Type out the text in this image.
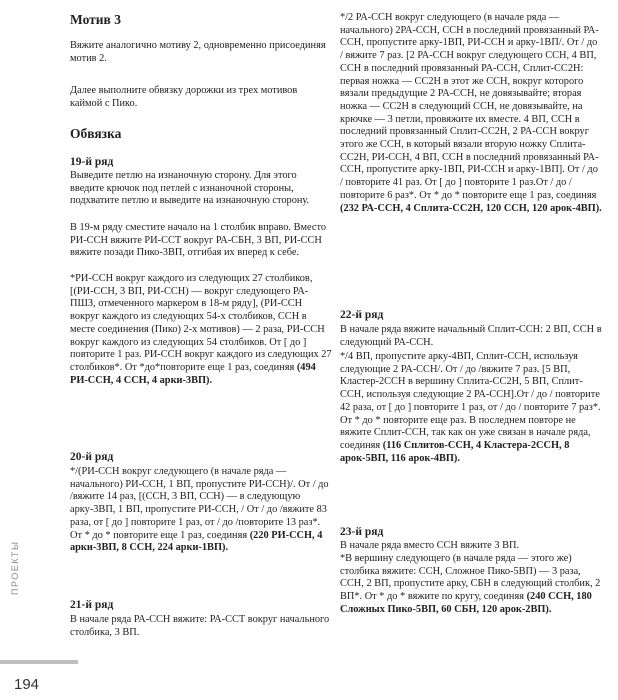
Мотив 3

Вяжите аналогично мотиву 2, одновременно присоединяя мотив 2.

Далее выполните обвязку дорожки из трех мотивов каймой с Пико.

Обвязка
19-й ряд

Выведите петлю на изнаночную сторону. Для этого введите крючок под петлей с изнаночной стороны, подхватите петлю и выведите на изнаночную сторону.

В 19-м ряду сместите начало на 1 столбик вправо. Вместо РИ-ССН вяжите РИ-ССТ вокруг РА-СБН, 3 ВП, РИ-ССН вяжите позади Пико-3ВП, отгибая их вперед к себе.

*РИ-ССН вокруг каждого из следующих 27 столбиков, [(РИ-ССН, 3 ВП, РИ-ССН) — вокруг следующего РА-ПШЗ, отмеченного маркером в 18-м ряду], (РИ-ССН вокруг каждого из следующих 54-х столбиков, ССН в месте соединения (Пико) 2-х мотивов) — 2 раза, РИ-ССН вокруг каждого из следующих 54 столбиков. От [ до ] повторите 1 раз. РИ-ССН вокруг каждого из следующих 27 столбиков*. От *до*повторите еще 1 раз, соединяя (494 РИ-ССН, 4 ССН, 4 арки-3ВП).

20-й ряд

*/(РИ-ССН вокруг следующего (в начале ряда — начального) РИ-ССН, 1 ВП, пропустите РИ-ССН)/. От / до /вяжите 14 раз, [(ССН, 3 ВП, ССН) — в следующую арку-3ВП, 1 ВП, пропустите РИ-ССН, / От / до /вяжите 83 раза, от [ до ] повторите 1 раз, от / до /повторите 13 раз*. От * до * повторите еще 1 раз, соединяя (220 РИ-ССН, 4 арки-3ВП, 8 ССН, 224 арки-1ВП).

21-й ряд

В начале ряда РА-ССН вяжите: РА-ССТ вокруг начального столбика, 3 ВП.

*/2 РА-ССН вокруг следующего (в начале ряда — начального) 2РА-ССН, ССН в последний провязанный РА-ССН, пропустите арку-1ВП, РИ-ССН и арку-1ВП/. От / до / вяжите 7 раз. [2 РА-ССН вокруг следующего ССН, 4 ВП, ССН в последний провязанный РА-ССН, Сплит-СС2Н: первая ножка — СС2Н в этот же ССН, вокруг которого вязали предыдущие 2 РА-ССН, не довязывайте; вторая ножка — СС2Н в следующий ССН, не довязывайте, на крючке — 3 петли, провяжите их вместе. 4 ВП, ССН в последний провязанный Сплит-СС2Н, 2 РА-ССН вокруг этого же ССН, в который вязали вторую ножку Сплита-СС2Н, РИ-ССН, 4 ВП, ССН в последний провязанный РА-ССН, пропустите арку-1ВП, РИ-ССН и арку-1ВП]. От / до / повторите 41 раз. От [ до ] повторите 1 раз.От / до / повторите 6 раз*. От * до * повторите еще 1 раз, соединяя (232 РА-ССН, 4 Сплита-СС2Н, 120 ССН, 120 арок-4ВП).

22-й ряд

В начале ряда вяжите начальный Сплит-ССН: 2 ВП, ССН в следующий РА-ССН.

*/4 ВП, пропустите арку-4ВП, Сплит-ССН, используя следующие 2 РА-ССН/. От / до /вяжите 7 раз. [5 ВП, Кластер-2ССН в вершину Сплита-СС2Н, 5 ВП, Сплит-ССН, используя следующие 2 РА-ССН].От / до / повторите 42 раза, от [ до ] повторите 1 раз, от / до / повторите 7 раз*. От * до * повторите еще раз. В последнем повторе не вяжите Сплит-ССН, так как он уже связан в начале ряда, соединяя (116 Сплитов-ССН, 4 Кластера-2ССН, 8 арок-5ВП, 116 арок-4ВП).

23-й ряд

В начале ряда вместо ССН вяжите 3 ВП.

*В вершину следующего (в начале ряда — этого же) столбика вяжите: ССН, Сложное Пико-5ВП) — 3 раза, ССН, 2 ВП, пропустите арку, СБН в следующий столбик, 2 ВП*. От * до * вяжите по кругу, соединяя (240 ССН, 180 Сложных Пико-5ВП, 60 СБН, 120 арок-2ВП).

ПРОЕКТЫ
194
